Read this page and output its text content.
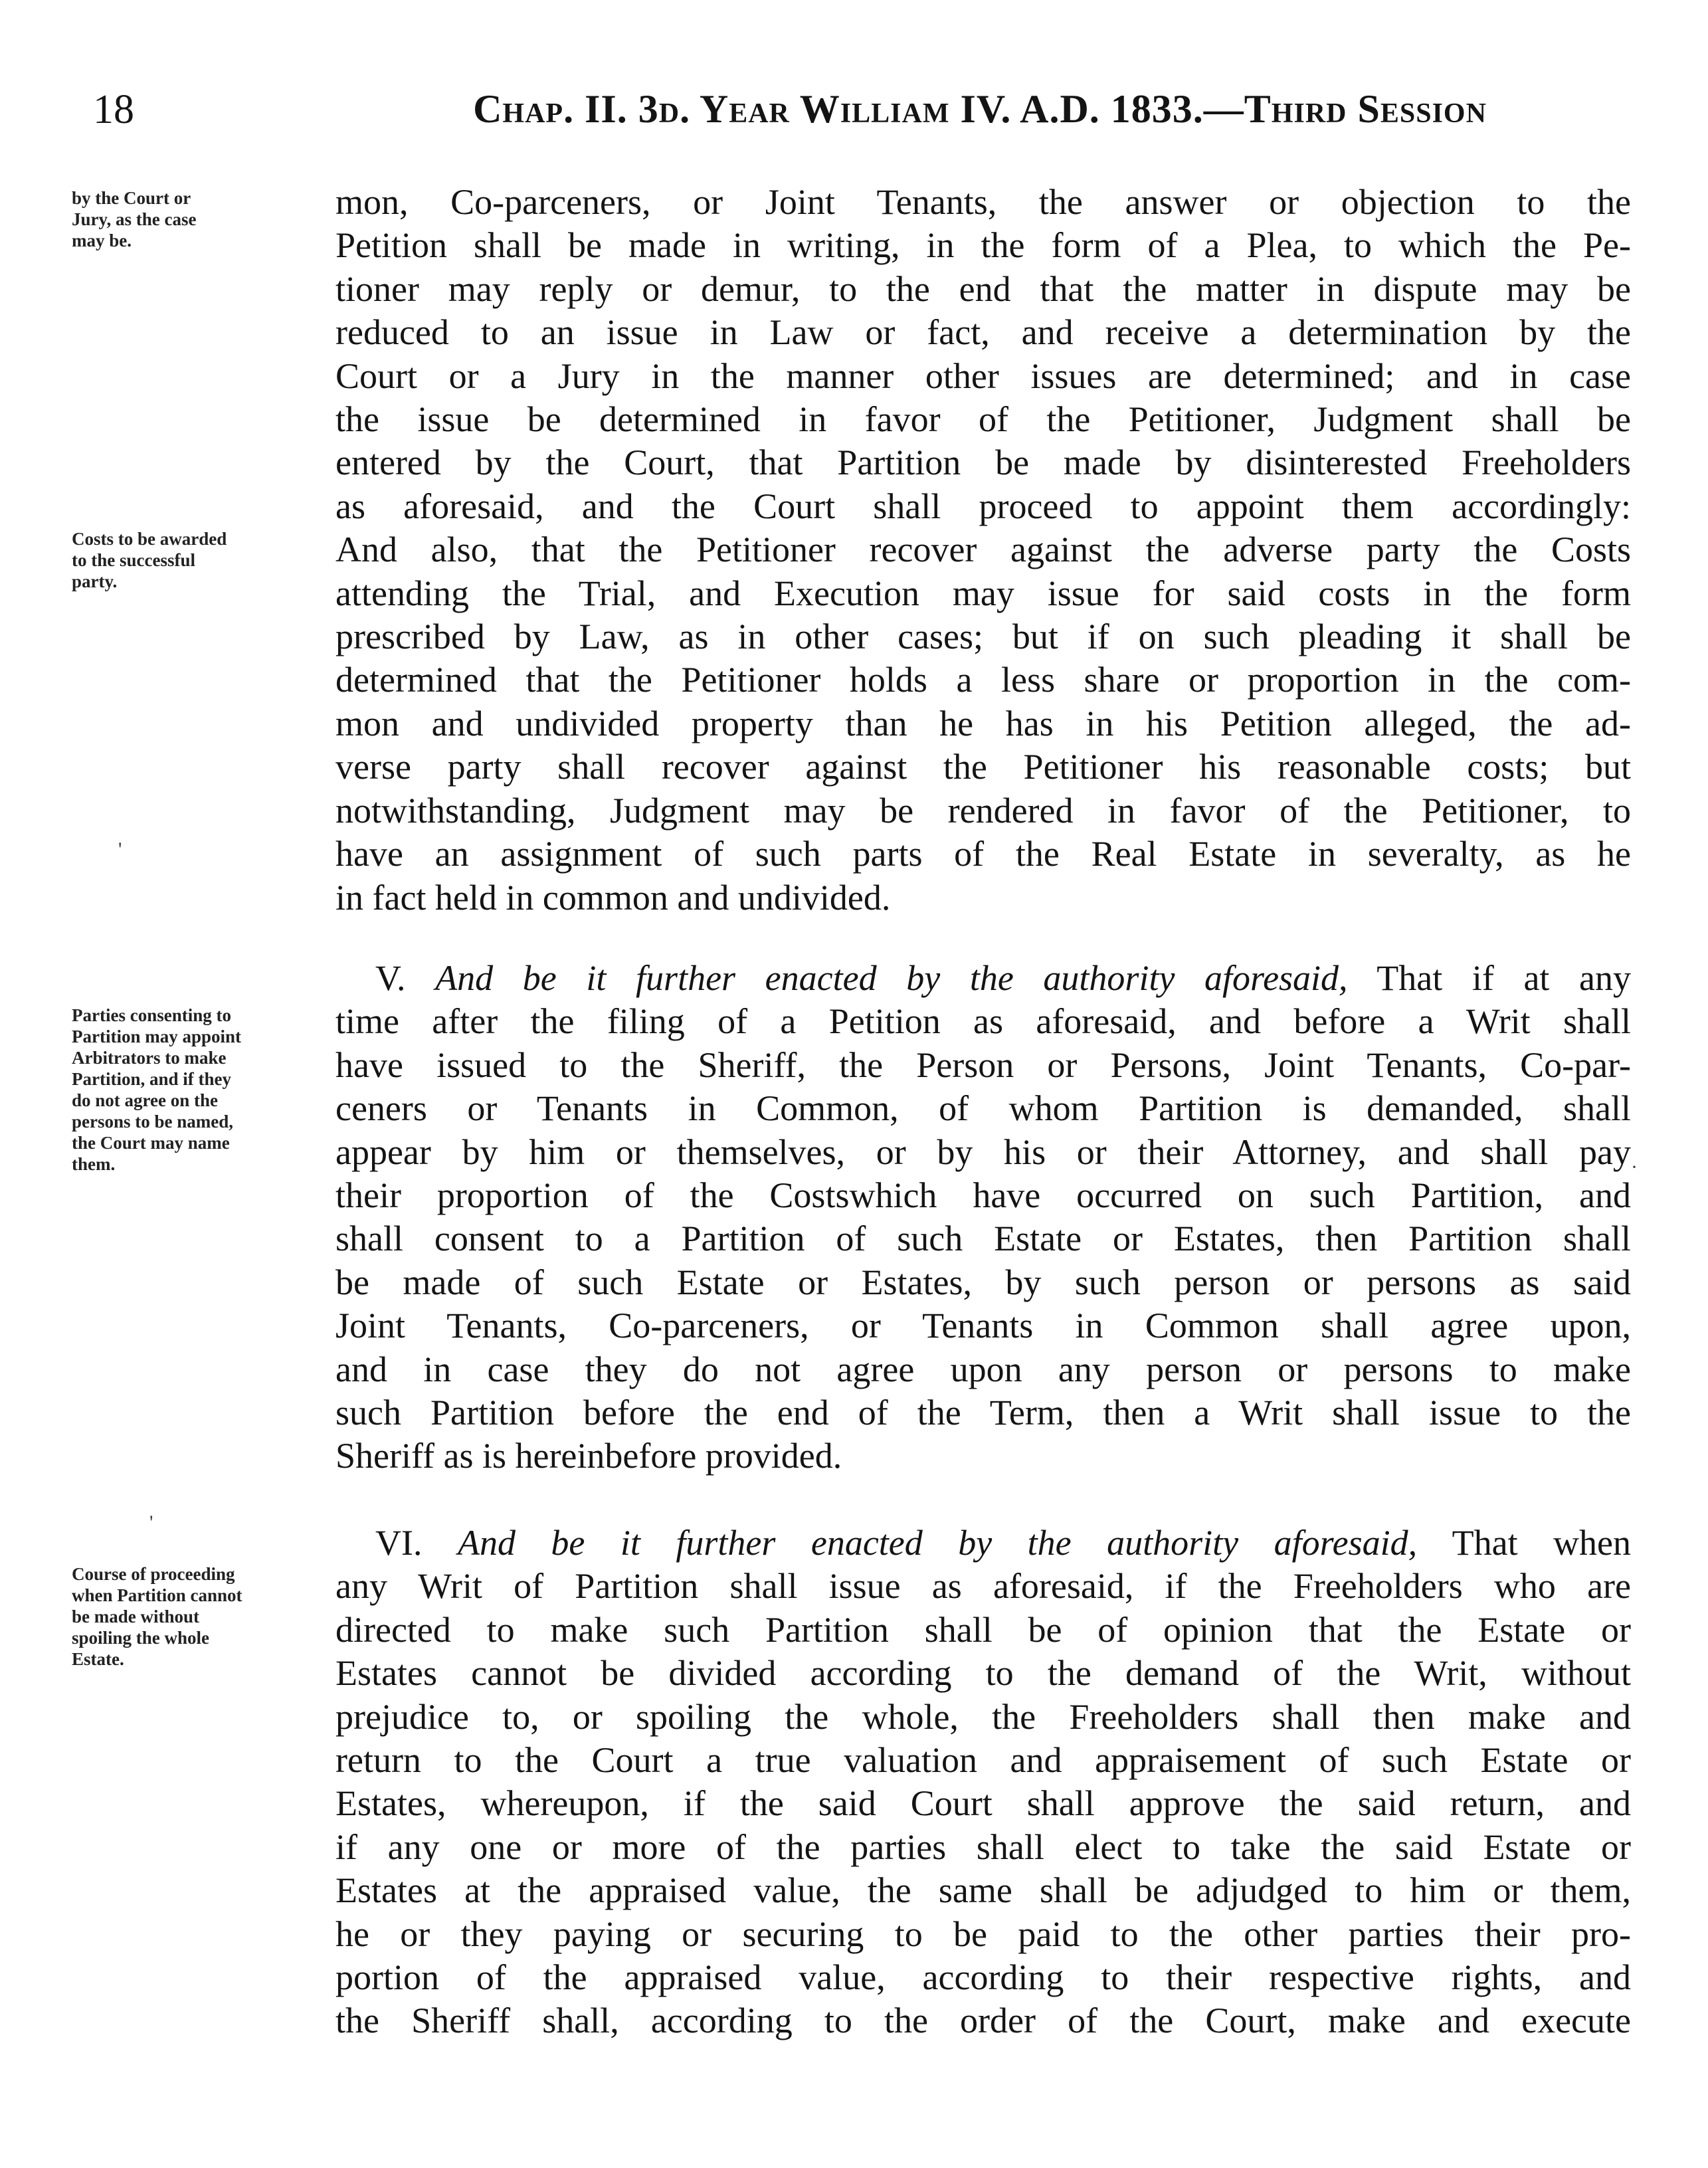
18	Chap. II. 3d. Year William IV. A.D. 1833.—Third Session
by the Court or
Jury, as the case
may be.
Costs to be awarded
to the successful
party.
Parties consenting to
Partition may appoint
Arbitrators to make
Partition, and if they
do not agree on the
persons to be named,
the Court may name
them.
Course of proceeding
when Partition cannot
be made without
spoiling the whole
Estate.
mon, Co-parceners, or Joint Tenants, the answer or objection to the
Petition shall be made in writing, in the form of a Plea, to which the Pe-
tioner may reply or demur, to the end that the matter in dispute may be
reduced to an issue in Law or fact, and receive a determination by the
Court or a Jury in the manner other issues are determined; and in case
the issue be determined in favor of the Petitioner, Judgment shall be
entered by the Court, that Partition be made by disinterested Freeholders
as aforesaid, and the Court shall proceed to appoint them accordingly:
And also, that the Petitioner recover against the adverse party the Costs
attending the Trial, and Execution may issue for said costs in the form
prescribed by Law, as in other cases; but if on such pleading it shall be
determined that the Petitioner holds a less share or proportion in the com-
mon and undivided property than he has in his Petition alleged, the ad-
verse party shall recover against the Petitioner his reasonable costs; but
notwithstanding, Judgment may be rendered in favor of the Petitioner, to
have an assignment of such parts of the Real Estate in severalty, as he
in fact held in common and undivided.
V. And be it further enacted by the authority aforesaid, That if at any
time after the filing of a Petition as aforesaid, and before a Writ shall
have issued to the Sheriff, the Person or Persons, Joint Tenants, Co-par-
ceners or Tenants in Common, of whom Partition is demanded, shall
appear by him or themselves, or by his or their Attorney, and shall pay
their proportion of the Costswhich have occurred on such Partition, and
shall consent to a Partition of such Estate or Estates, then Partition shall
be made of such Estate or Estates, by such person or persons as said
Joint Tenants, Co-parceners, or Tenants in Common shall agree upon,
and in case they do not agree upon any person or persons to make
such Partition before the end of the Term, then a Writ shall issue to the
Sheriff as is hereinbefore provided.
VI. And be it further enacted by the authority aforesaid, That when
any Writ of Partition shall issue as aforesaid, if the Freeholders who are
directed to make such Partition shall be of opinion that the Estate or
Estates cannot be divided according to the demand of the Writ, without
prejudice to, or spoiling the whole, the Freeholders shall then make and
return to the Court a true valuation and appraisement of such Estate or
Estates, whereupon, if the said Court shall approve the said return, and
if any one or more of the parties shall elect to take the said Estate or
Estates at the appraised value, the same shall be adjudged to him or them,
he or they paying or securing to be paid to the other parties their pro-
portion of the appraised value, according to their respective rights, and
the Sheriff shall, according to the order of the Court, make and execute
'
·
'
